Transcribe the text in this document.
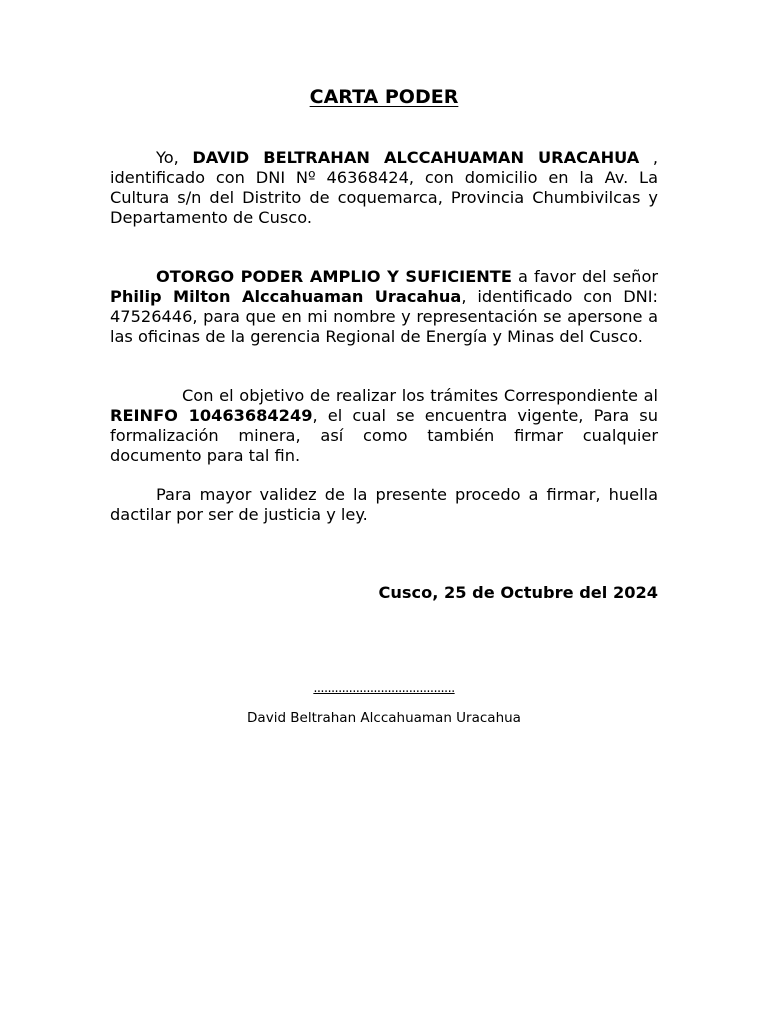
CARTA PODER
Yo, DAVID BELTRAHAN ALCCAHUAMAN URACAHUA , identificado con DNI Nº 46368424, con domicilio en la Av. La Cultura s/n del Distrito de coquemarca, Provincia Chumbivilcas y Departamento de Cusco.
OTORGO PODER AMPLIO Y SUFICIENTE a favor del señor Philip Milton Alccahuaman Uracahua, identificado con DNI: 47526446, para que en mi nombre y representación se apersone a las oficinas de la gerencia Regional de Energía y Minas del Cusco.
Con el objetivo de realizar los trámites Correspondiente al REINFO 10463684249, el cual se encuentra vigente, Para su formalización minera, así como también firmar cualquier documento para tal fin.
Para mayor validez de la presente procedo a firmar, huella dactilar por ser de justicia y ley.
Cusco, 25 de Octubre del 2024
........................................
David Beltrahan Alccahuaman Uracahua
